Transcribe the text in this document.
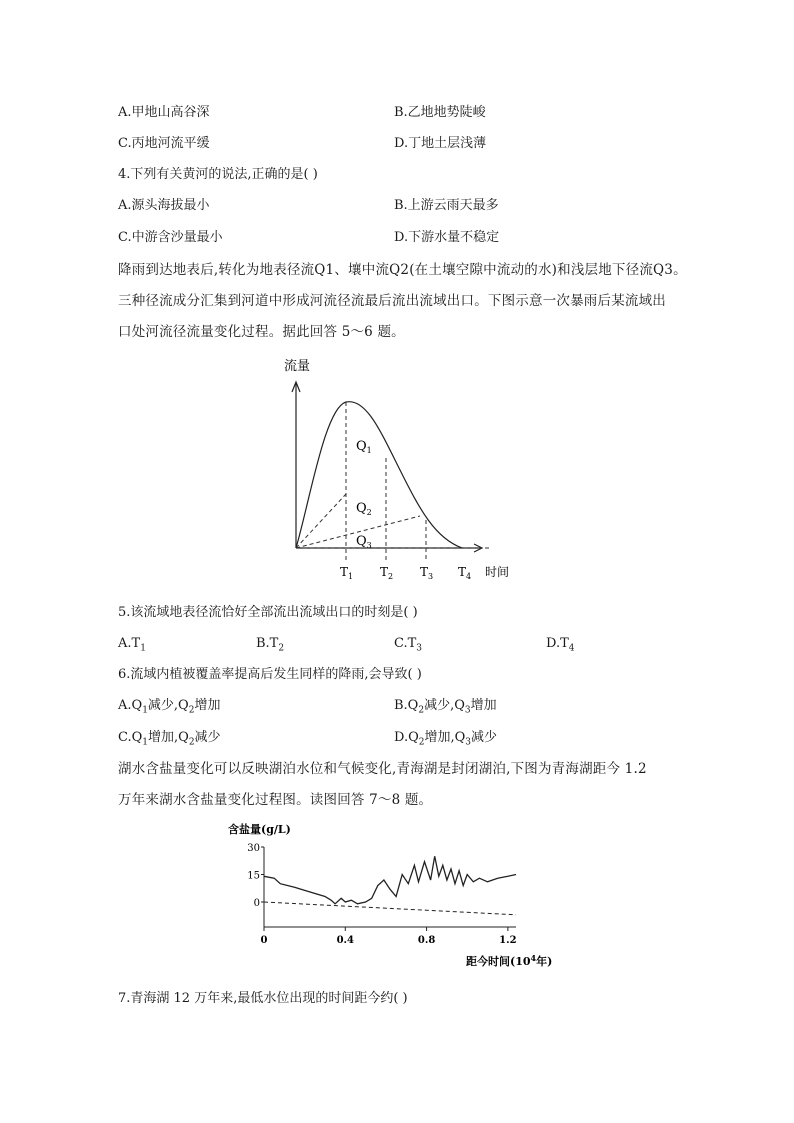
A.甲地山高谷深	B.乙地地势陡峻
C.丙地河流平缓	D.丁地土层浅薄
4.下列有关黄河的说法,正确的是( )
A.源头海拔最小	B.上游云雨天最多
C.中游含沙量最小	D.下游水量不稳定
降雨到达地表后,转化为地表径流Q1、壤中流Q2(在土壤空隙中流动的水)和浅层地下径流Q3。
三种径流成分汇集到河道中形成河流径流最后流出流域出口。下图示意一次暴雨后某流域出
口处河流径流量变化过程。据此回答 5～6 题。
流量
时间
$Q_1$
$Q_2$
$Q_3$
$T_1$ $T_2$ $T_3$ $T_4$
5.该流域地表径流恰好全部流出流域出口的时刻是( )
$A.T_1$	$B.T_2$	$C.T_3$	$D.T_4$
6.流域内植被覆盖率提高后发生同样的降雨,会导致( )
$A.Q_1$减少$,Q_2$增加	$B.Q_2$减少$,Q_3$增加
$C.Q_1$增加$,Q_2$减少	$D.Q_2$增加$,Q_3$减少
湖水含盐量变化可以反映湖泊水位和气候变化,青海湖是封闭湖泊,下图为青海湖距今 1.2
万年来湖水含盐量变化过程图。读图回答 7～8 题。
含盐量(g/L)
0
15
30
0	0.4	0.8	1.2
距今时间($10^4$年)
7.青海湖 12 万年来,最低水位出现的时间距今约( )
